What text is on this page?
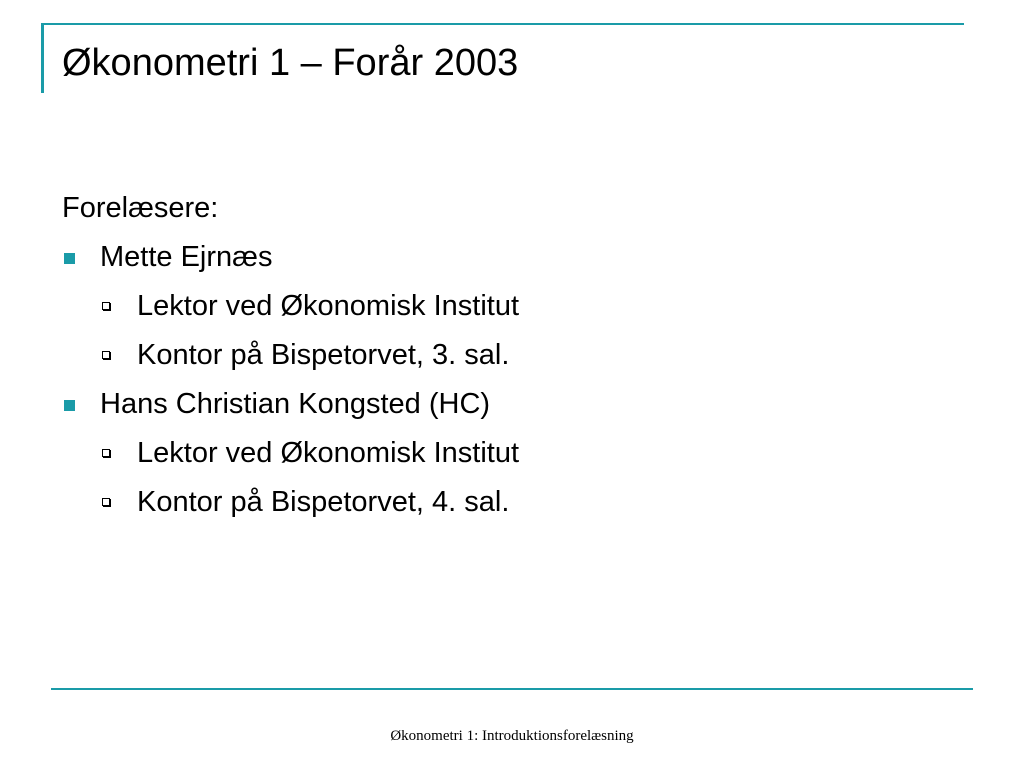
Økonometri 1 – Forår 2003
Forelæsere:
Mette Ejrnæs
Lektor ved Økonomisk Institut
Kontor på Bispetorvet, 3. sal.
Hans Christian Kongsted (HC)
Lektor ved Økonomisk Institut
Kontor på Bispetorvet, 4. sal.
Økonometri 1: Introduktionsforelæsning
